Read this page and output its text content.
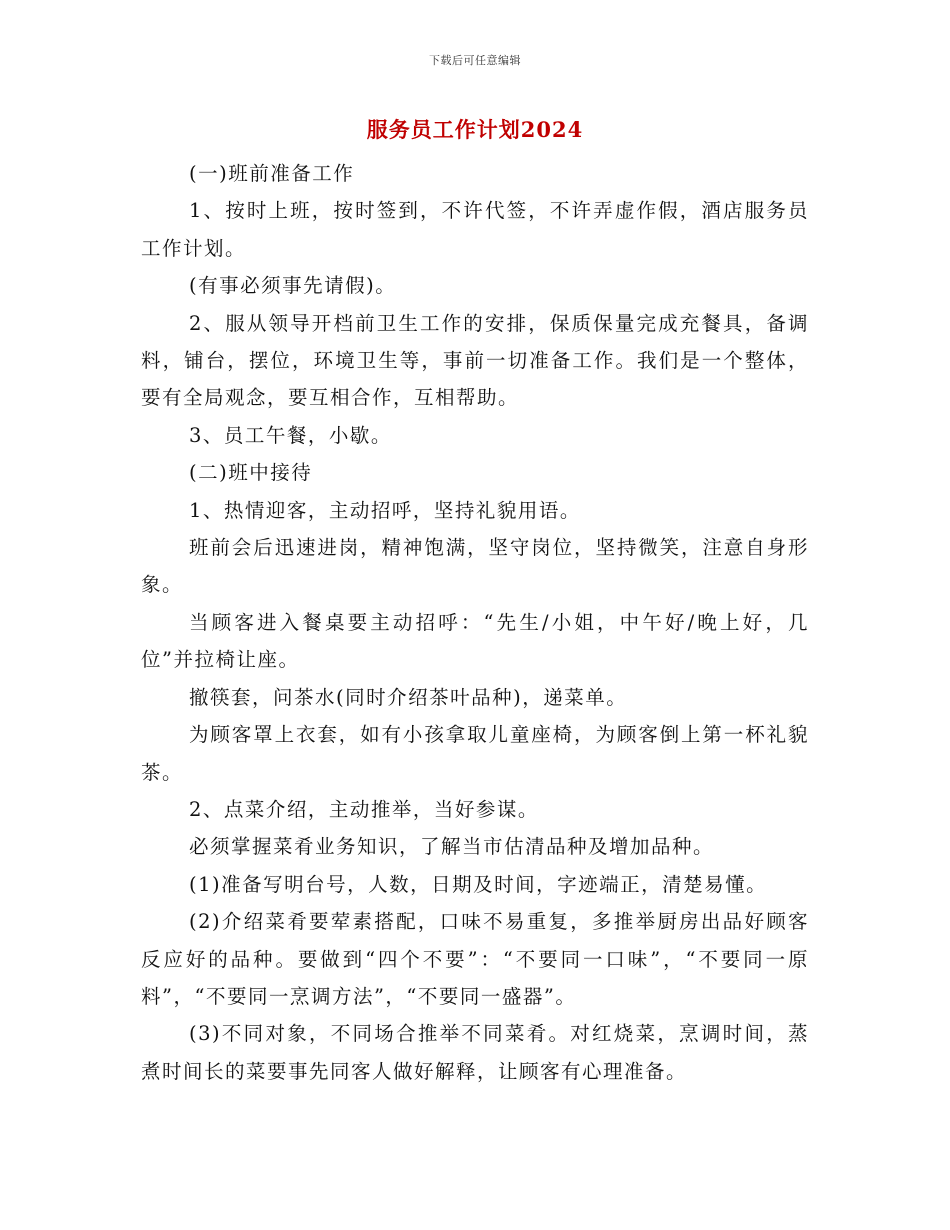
下载后可任意编辑
服务员工作计划2024

(一)班前准备工作

1、按时上班，按时签到，不许代签，不许弄虚作假，酒店服务员工作计划。

(有事必须事先请假)。

2、服从领导开档前卫生工作的安排，保质保量完成充餐具，备调料，铺台，摆位，环境卫生等，事前一切准备工作。我们是一个整体，要有全局观念，要互相合作，互相帮助。

3、员工午餐，小歇。

(二)班中接待

1、热情迎客，主动招呼，坚持礼貌用语。

班前会后迅速进岗，精神饱满，坚守岗位，坚持微笑，注意自身形象。

当顾客进入餐桌要主动招呼：“先生/小姐，中午好/晚上好，几位”并拉椅让座。

撤筷套，问茶水(同时介绍茶叶品种)，递菜单。

为顾客罩上衣套，如有小孩拿取儿童座椅，为顾客倒上第一杯礼貌茶。

2、点菜介绍，主动推举，当好参谋。

必须掌握菜肴业务知识，了解当市估清品种及增加品种。

(1)准备写明台号，人数，日期及时间，字迹端正，清楚易懂。

(2)介绍菜肴要荤素搭配，口味不易重复，多推举厨房出品好顾客反应好的品种。要做到“四个不要”：“不要同一口味”，“不要同一原料”，“不要同一烹调方法”，“不要同一盛器”。

(3)不同对象，不同场合推举不同菜肴。对红烧菜，烹调时间，蒸煮时间长的菜要事先同客人做好解释，让顾客有心理准备。
